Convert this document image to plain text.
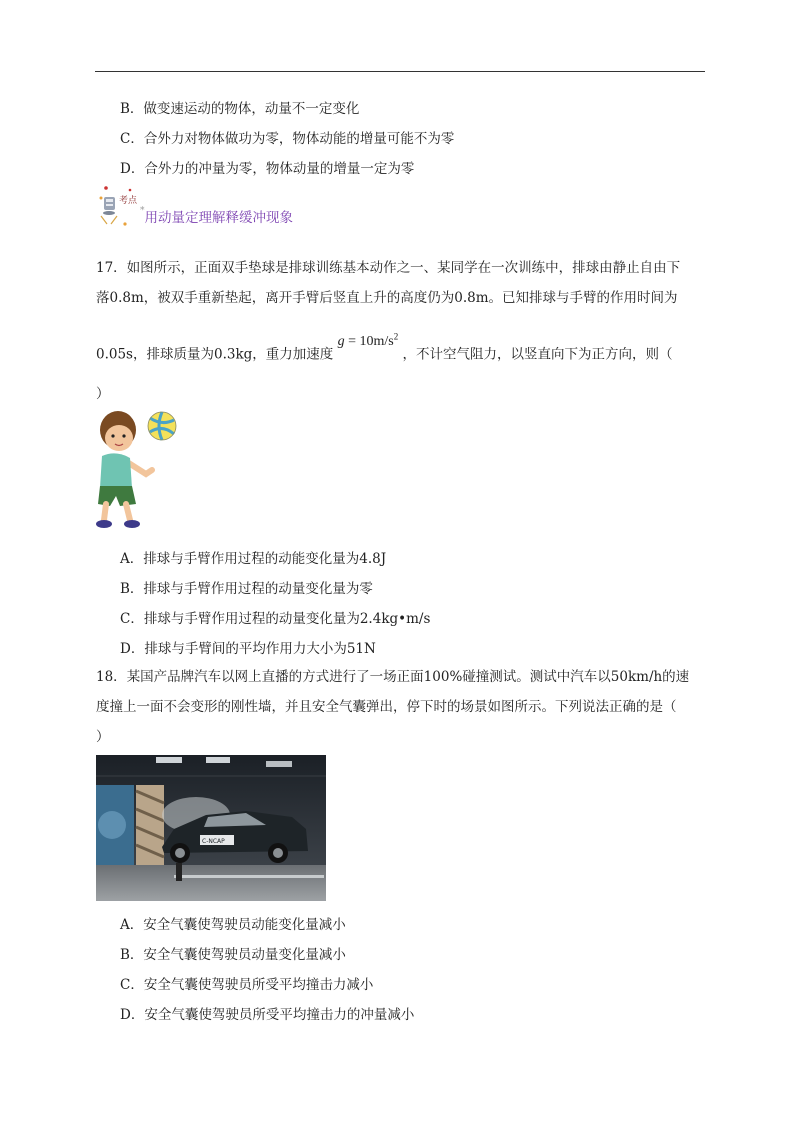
B．做变速运动的物体，动量不一定变化
C．合外力对物体做功为零，物体动能的增量可能不为零
D．合外力的冲量为零，物体动量的增量一定为零
考点
*用动量定理解释缓冲现象
17．如图所示，正面双手垫球是排球训练基本动作之一、某同学在一次训练中，排球由静止自由下
落0.8m，被双手重新垫起，离开手臂后竖直上升的高度仍为0.8m。已知排球与手臂的作用时间为
0.05s，排球质量为0.3kg，重力加速度 $g = 10m/s^2$ ，不计空气阻力，以竖直向下为正方向，则（
）
A．排球与手臂作用过程的动能变化量为4.8J
B．排球与手臂作用过程的动量变化量为零
C．排球与手臂作用过程的动量变化量为2.4kg•m/s
D．排球与手臂间的平均作用力大小为51N
18．某国产品牌汽车以网上直播的方式进行了一场正面100%碰撞测试。测试中汽车以50km/h的速
度撞上一面不会变形的刚性墙，并且安全气囊弹出，停下时的场景如图所示。下列说法正确的是（
）
C-NCAP
A．安全气囊使驾驶员动能变化量减小
B．安全气囊使驾驶员动量变化量减小
C．安全气囊使驾驶员所受平均撞击力减小
D．安全气囊使驾驶员所受平均撞击力的冲量减小
